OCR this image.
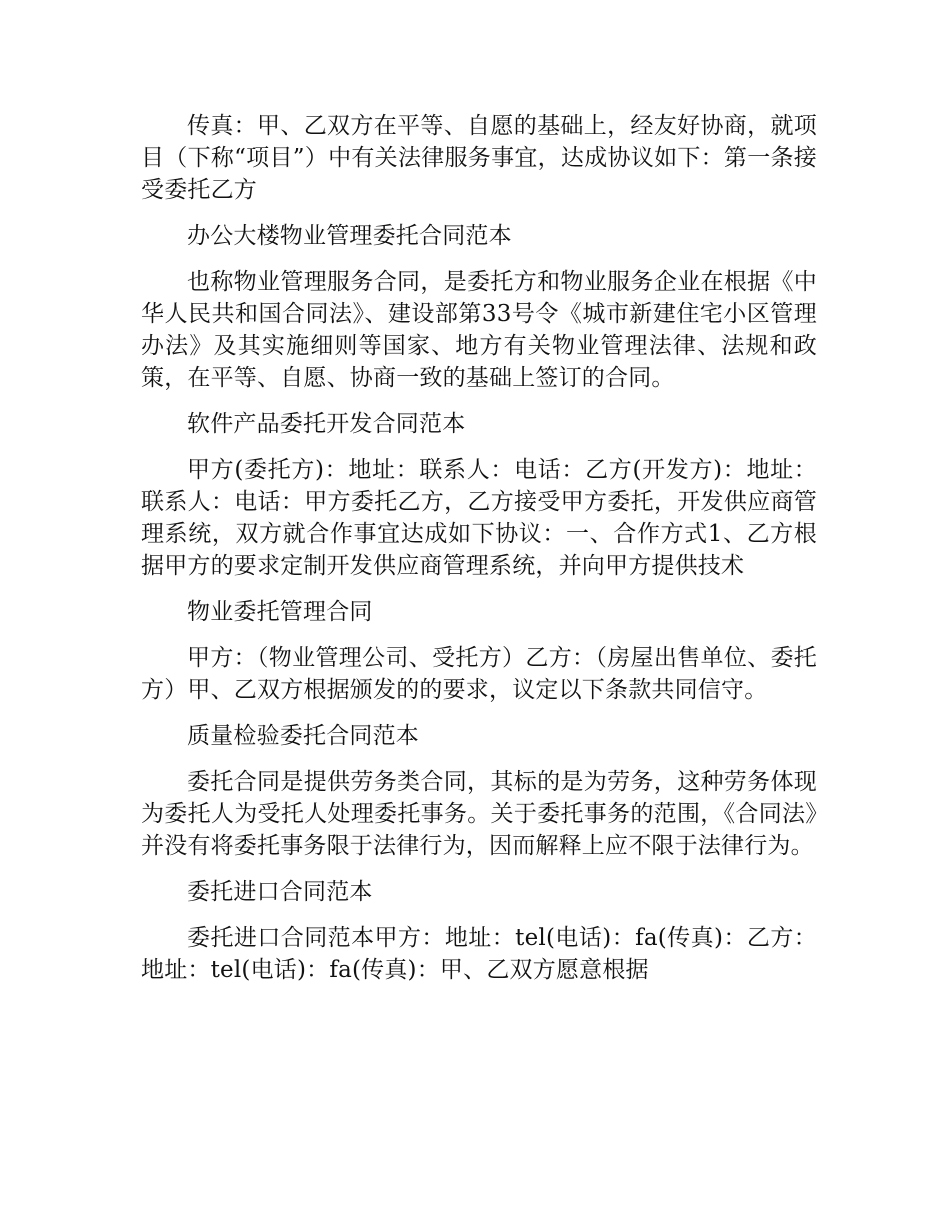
传真：甲、乙双方在平等、自愿的基础上，经友好协商，就项目（下称“项目”）中有关法律服务事宜，达成协议如下：第一条接受委托乙方

办公大楼物业管理委托合同范本

也称物业管理服务合同，是委托方和物业服务企业在根据《中华人民共和国合同法》、建设部第33号令《城市新建住宅小区管理办法》及其实施细则等国家、地方有关物业管理法律、法规和政策，在平等、自愿、协商一致的基础上签订的合同。

软件产品委托开发合同范本

甲方(委托方)：地址：联系人：电话：乙方(开发方)：地址：联系人：电话：甲方委托乙方，乙方接受甲方委托，开发供应商管理系统，双方就合作事宜达成如下协议：一、合作方式1、乙方根据甲方的要求定制开发供应商管理系统，并向甲方提供技术

物业委托管理合同

甲方：（物业管理公司、受托方）乙方：（房屋出售单位、委托方）甲、乙双方根据颁发的的要求，议定以下条款共同信守。

质量检验委托合同范本

委托合同是提供劳务类合同，其标的是为劳务，这种劳务体现为委托人为受托人处理委托事务。关于委托事务的范围，《合同法》并没有将委托事务限于法律行为，因而解释上应不限于法律行为。

委托进口合同范本

委托进口合同范本甲方：地址：tel(电话)：fa(传真)：乙方：地址：tel(电话)：fa(传真)：甲、乙双方愿意根据
